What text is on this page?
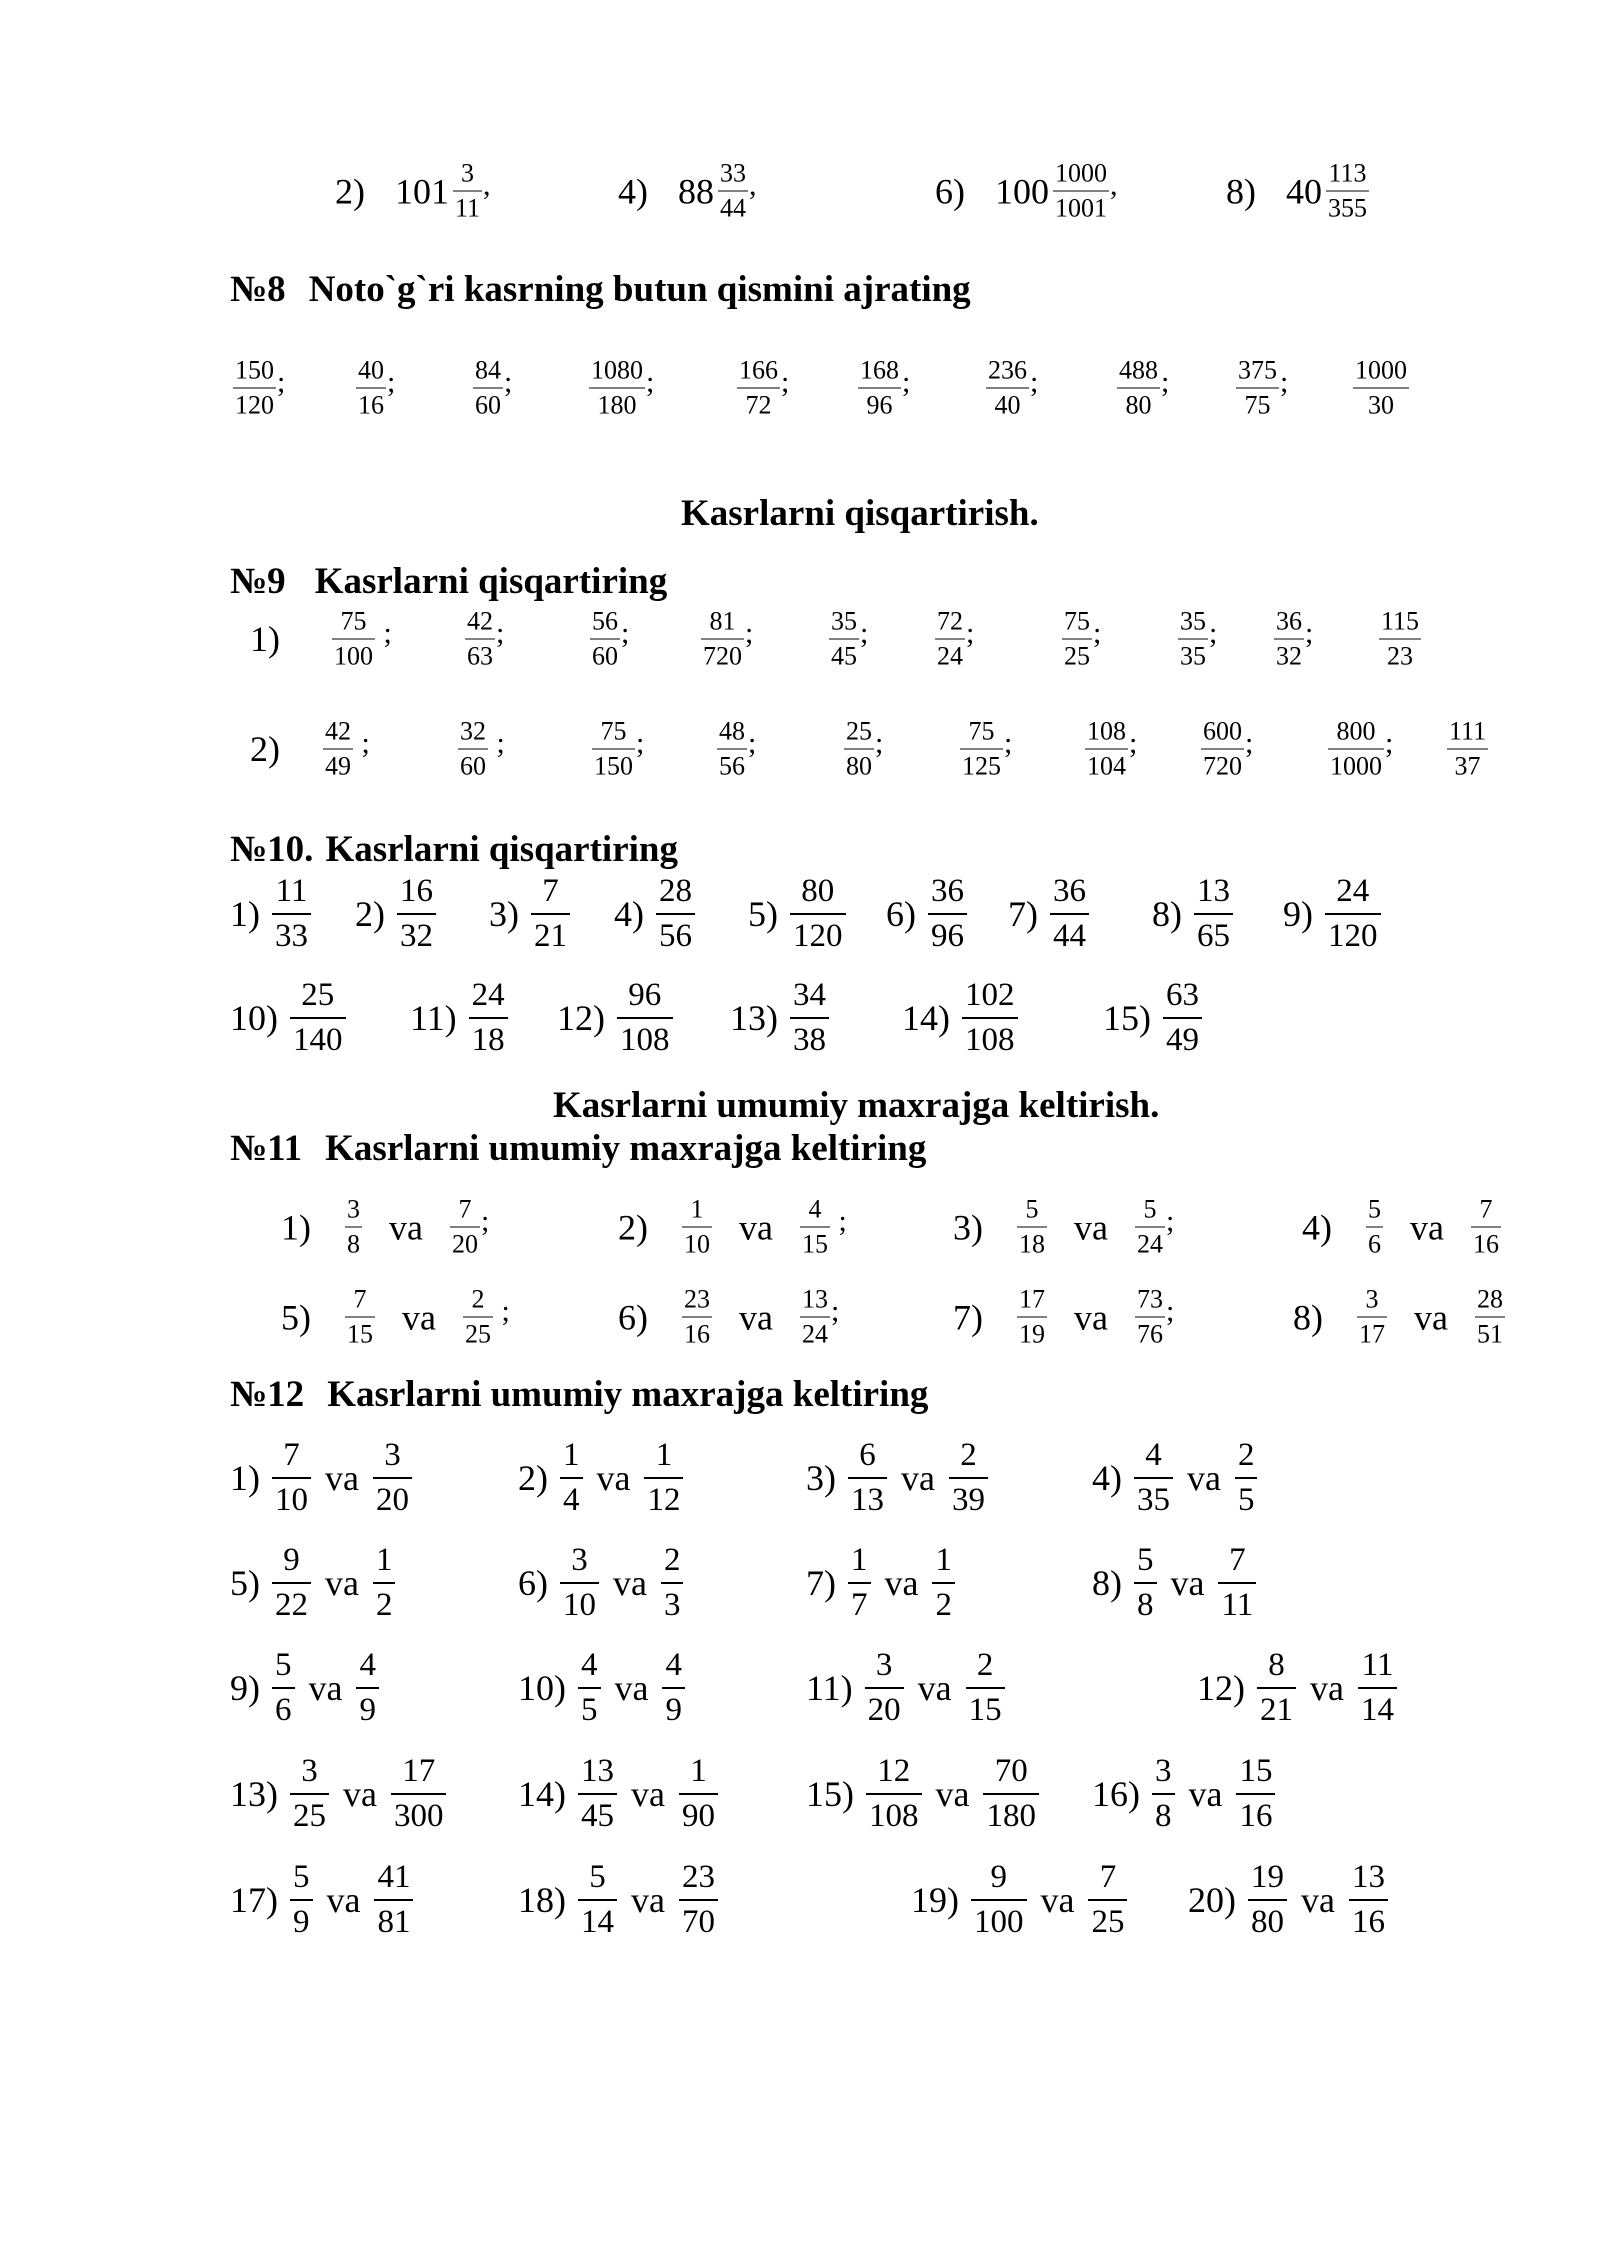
2) $101 \frac{3}{11}$ ,	4) $88 \frac{33}{44}$ ,	6) $100 \frac{1000}{1001}$ ,	8) $40 \frac{113}{355}$
№8 Noto`g`ri kasrning butun qismini ajrating
$\frac{150}{120}$ ;	$\frac{40}{16}$ ;	$\frac{84}{60}$ ;	$\frac{1080}{180}$ ;	$\frac{166}{72}$ ;	$\frac{168}{96}$ ;	$\frac{236}{40}$ ;	$\frac{488}{80}$ ;	$\frac{375}{75}$ ; $\frac{1000}{30}$
Kasrlarni qisqartirish.
№9 Kasrlarni qisqartiring
$1) \frac{75}{100}$ ;	$\frac{42}{63}$ ;	$\frac{56}{60}$ ;	$\frac{81}{720}$ ;	$\frac{35}{45}$ ;	$\frac{72}{24}$ ;	$\frac{75}{25}$ ;	$\frac{35}{35}$ ; $\frac{36}{32}$ ;	$\frac{115}{23}$
$2) \frac{42}{49}$ ;	$\frac{32}{60}$ ;	$\frac{75}{150}$ ;	$\frac{48}{56}$ ;	$\frac{25}{80}$ ;	$\frac{75}{125}$ ;	$\frac{108}{104}$ ; $\frac{600}{720}$ ;	$\frac{800}{1000}$ ; $\frac{111}{37}$
№10. Kasrlarni qisqartiring
$1) \frac{11}{33} 2) \frac{16}{32} 3) \frac{7}{21} 4) \frac{28}{56} 5) \frac{80}{120} 6) \frac{36}{96} 7) \frac{36}{44} 8) \frac{13}{65} 9) \frac{24}{120}$
$10) \frac{25}{140} 11) \frac{24}{18} 12) \frac{96}{108} 13) \frac{34}{38} 14) \frac{102}{108} 15) \frac{63}{49}$
Kasrlarni umumiy maxrajga keltirish.
№11 Kasrlarni umumiy maxrajga keltiring
$1) \frac{3}{8}$ va $\frac{7}{20}$ ;	$2) \frac{1}{10}$ va $\frac{4}{15}$ ;	$3) \frac{5}{18}$ va $\frac{5}{24}$ ;	$4) \frac{5}{6}$ va $\frac{7}{16}$
$5) \frac{7}{15}$ va $\frac{2}{25}$ ;	$6) \frac{23}{16}$ va $\frac{13}{24}$ ;	$7) \frac{17}{19}$ va $\frac{73}{76}$ ;	$8) \frac{3}{17}$ va $\frac{28}{51}$
№12 Kasrlarni umumiy maxrajga keltiring
$1) \frac{7}{10}$ va $\frac{3}{20}$	$2) \frac{1}{4}$ va $\frac{1}{12}$	$3) \frac{6}{13}$ va $\frac{2}{39}$	$4) \frac{4}{35}$ va $\frac{2}{5}$
$5) \frac{9}{22}$ va $\frac{1}{2}$	$6) \frac{3}{10}$ va $\frac{2}{3}$	$7) \frac{1}{7}$ va $\frac{1}{2}$	$8) \frac{5}{8}$ va $\frac{7}{11}$
$9) \frac{5}{6}$ va $\frac{4}{9}$	$10) \frac{4}{5}$ va $\frac{4}{9}$	$11) \frac{3}{20}$ va $\frac{2}{15}$	$12) \frac{8}{21}$ va $\frac{11}{14}$
$13) \frac{3}{25}$ va $\frac{17}{300} 14) \frac{13}{45}$ va $\frac{1}{90} 15) \frac{12}{108}$ va $\frac{70}{180} 16) \frac{3}{8}$ va $\frac{15}{16}$
$17) \frac{5}{9}$ va $\frac{41}{81}$	$18) \frac{5}{14}$ va $\frac{23}{70}$	$19) \frac{9}{100}$ va $\frac{7}{25} 20) \frac{19}{80}$ va $\frac{13}{16}$
